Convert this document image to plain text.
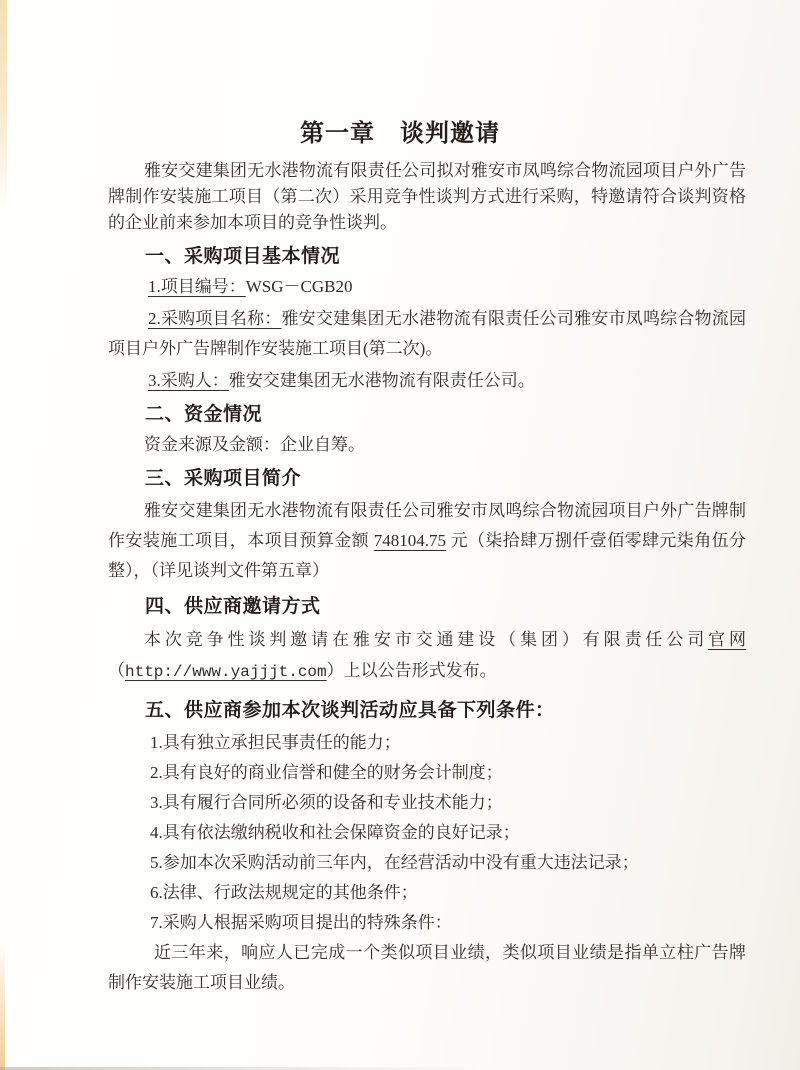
第一章　谈判邀请

雅安交建集团无水港物流有限责任公司拟对雅安市凤鸣综合物流园项目户外广告牌制作安装施工项目（第二次）采用竞争性谈判方式进行采购，特邀请符合谈判资格的企业前来参加本项目的竞争性谈判。

一、采购项目基本情况

1.项目编号：WSG－CGB20

2.采购项目名称：雅安交建集团无水港物流有限责任公司雅安市凤鸣综合物流园项目户外广告牌制作安装施工项目(第二次)。

3.采购人：雅安交建集团无水港物流有限责任公司。

二、资金情况

资金来源及金额：企业自筹。

三、采购项目简介

雅安交建集团无水港物流有限责任公司雅安市凤鸣综合物流园项目户外广告牌制作安装施工项目，本项目预算金额 748104.75 元（柒拾肆万捌仟壹佰零肆元柒角伍分整），（详见谈判文件第五章）

四、供应商邀请方式

本次竞争性谈判邀请在雅安市交通建设（集团）有限责任公司官网（http://www.yajjjt.com）上以公告形式发布。

五、供应商参加本次谈判活动应具备下列条件：

1.具有独立承担民事责任的能力；

2.具有良好的商业信誉和健全的财务会计制度；

3.具有履行合同所必须的设备和专业技术能力；

4.具有依法缴纳税收和社会保障资金的良好记录；

5.参加本次采购活动前三年内，在经营活动中没有重大违法记录；

6.法律、行政法规规定的其他条件；

7.采购人根据采购项目提出的特殊条件：

近三年来，响应人已完成一个类似项目业绩，类似项目业绩是指单立柱广告牌制作安装施工项目业绩。
